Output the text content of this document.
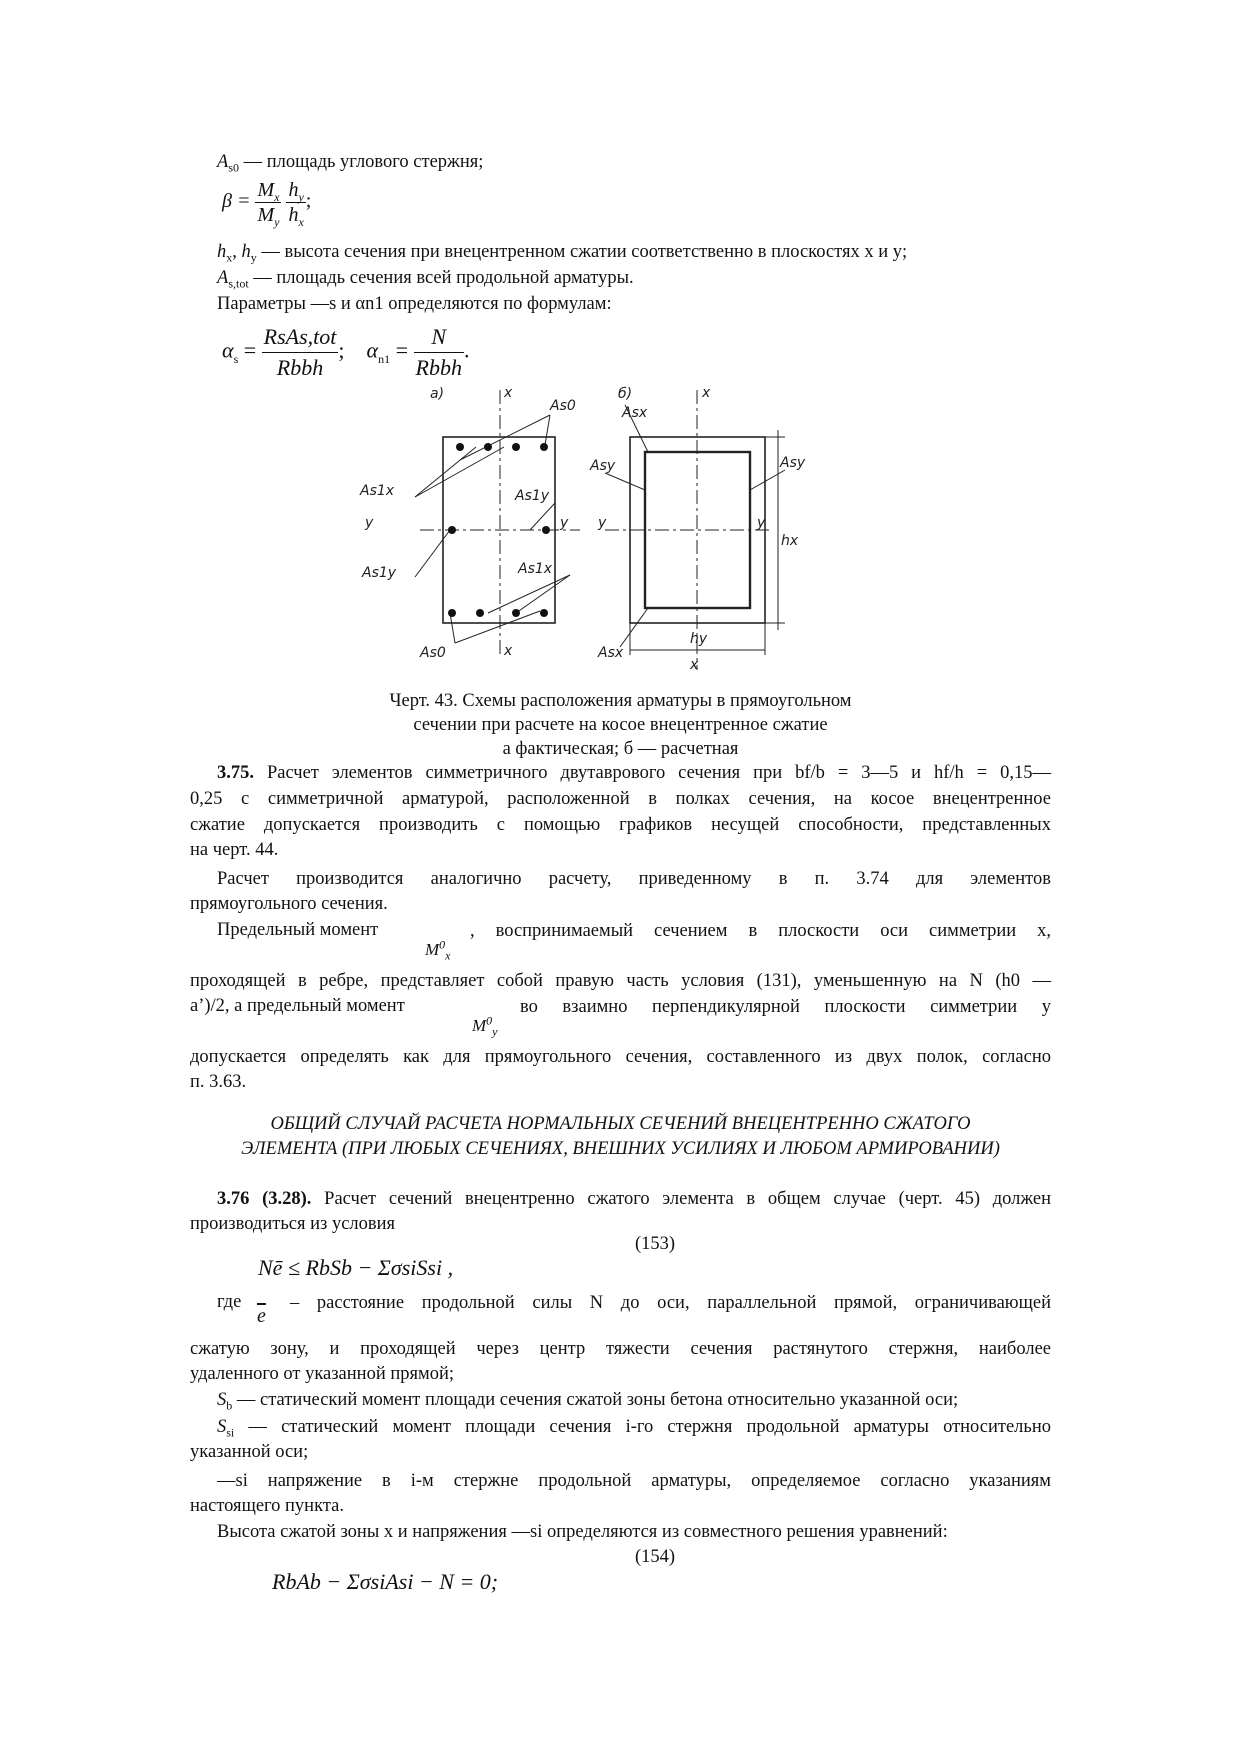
$A_{s0}$ — площадь углового стержня;
$\beta = \frac{M_x}{M_y}$
$\frac{h_y}{h_x}$ ;
$h_x$, $h_y$ — высота сечения при внецентренном сжатии соответственно в плоскостях x и y;
$A_{s,tot}$ — площадь сечения всей продольной арматуры.
Параметры —s и αn1 определяются по формулам:
$\alpha_s = \frac{\text{RsAs,tot}}{\text{Rbbh}}$ ;    $\alpha_{n1} = \frac{N}{\text{Rbbh}}$ .
а)	б)
As0
x
As1x	As1y
y	y
As1y	As1x
As0	x
Asx
x
Asy	Asy
y	y
hx
Asx
hy
x
Черт. 43. Схемы расположения арматуры в прямоугольном
сечении при расчете на косое внецентренное сжатие
а фактическая; б — расчетная
3.75. Расчет элементов симметричного двутаврового сечения при bf/b = 3—5 и hf/h = 0,15—
0,25 с симметричной арматурой, расположенной в полках сечения, на косое внецентренное
сжатие допускается производить с помощью графиков несущей способности, представленных
на черт. 44.
Расчет производится аналогично расчету, приведенному в п. 3.74 для элементов
прямоугольного сечения.
Предельный момент
$M^0_x$
, воспринимаемый сечением в плоскости оси симметрии x,
проходящей в ребре, представляет собой правую часть условия (131), уменьшенную на N (h0 —
a’)/2, а предельный момент
$M^0_y$
во взаимно перпендикулярной плоскости симметрии y
допускается определять как для прямоугольного сечения, составленного из двух полок, согласно
п. 3.63.
ОБЩИЙ СЛУЧАЙ РАСЧЕТА НОРМАЛЬНЫХ СЕЧЕНИЙ ВНЕЦЕНТРЕННО СЖАТОГО
ЭЛЕМЕНТА (ПРИ ЛЮБЫХ СЕЧЕНИЯХ, ВНЕШНИХ УСИЛИЯХ И ЛЮБОМ АРМИРОВАНИИ)
3.76 (3.28). Расчет сечений внецентренно сжатого элемента в общем случае (черт. 45) должен
производиться из условия
(153)
Nē ≤ RbSb − ΣσsiSsi ,
где
$\overline{e}$
– расстояние продольной силы N до оси, параллельной прямой, ограничивающей
сжатую зону, и проходящей через центр тяжести сечения растянутого стержня, наиболее
удаленного от указанной прямой;
$S_b$ — статический момент площади сечения сжатой зоны бетона относительно указанной оси;
$S_{si}$ — статический момент площади сечения i-го стержня продольной арматуры относительно
указанной оси;
—si напряжение в i-м стержне продольной арматуры, определяемое согласно указаниям
настоящего пункта.
Высота сжатой зоны x и напряжения —si определяются из совместного решения уравнений:
(154)
RbAb − ΣσsiAsi − N = 0;
